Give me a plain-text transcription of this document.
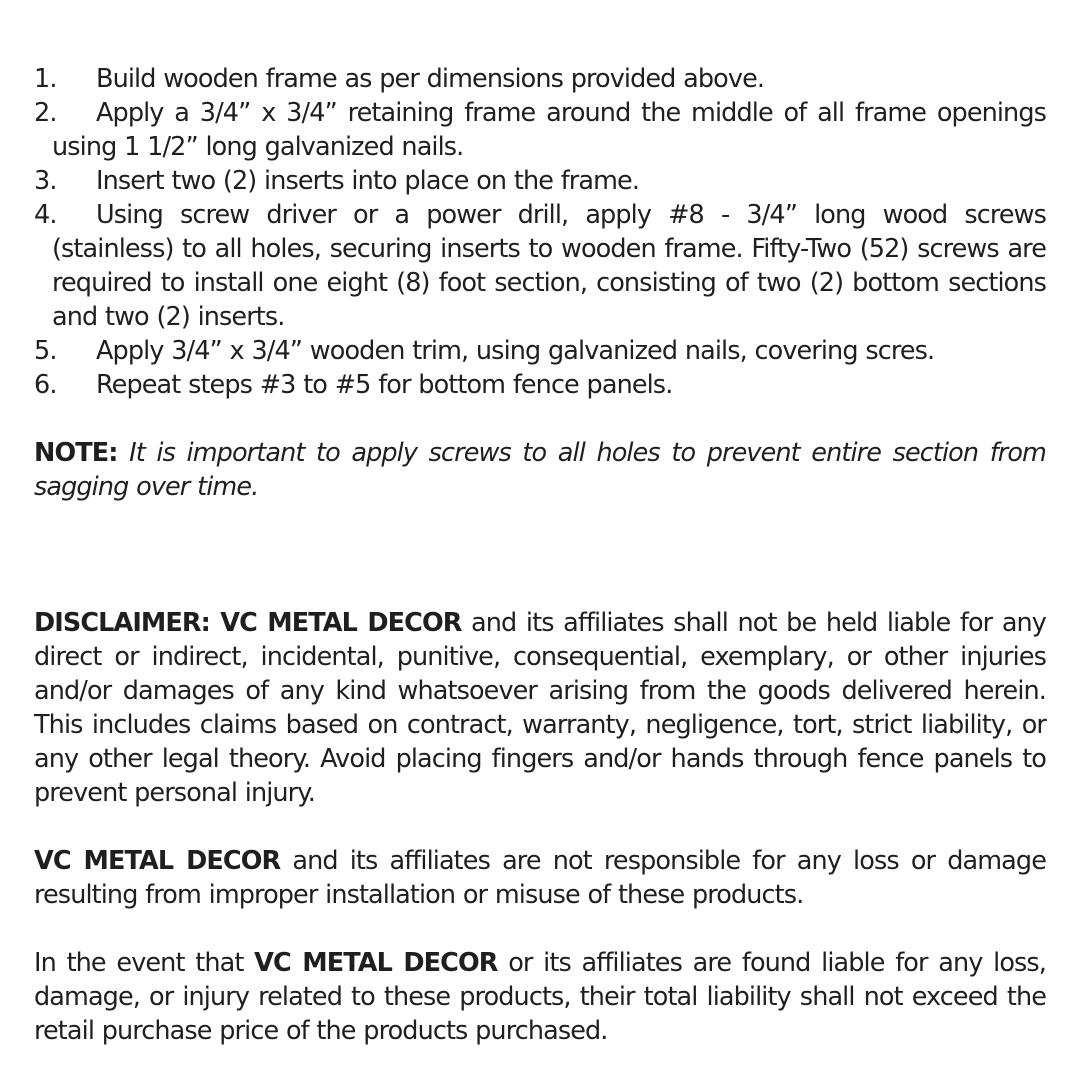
1.	Build wooden frame as per dimensions provided above.
2.	Apply a 3/4” x 3/4” retaining frame around the middle of all frame openings using 1 1/2” long galvanized nails.
3.	Insert two (2) inserts into place on the frame.
4.	Using screw driver or a power drill, apply #8 - 3/4” long wood screws (stainless) to all holes, securing inserts to wooden frame. Fifty-Two (52) screws are required to install one eight (8) foot section, consisting of two (2) bottom sections and two (2) inserts.
5.	Apply 3/4” x 3/4” wooden trim, using galvanized nails, covering scres.
6.	Repeat steps #3 to #5 for bottom fence panels.

NOTE: It is important to apply screws to all holes to prevent entire section from sagging over time.

DISCLAIMER: VC METAL DECOR and its affiliates shall not be held liable for any direct or indirect, incidental, punitive, consequential, exemplary, or other injuries and/or damages of any kind whatsoever arising from the goods delivered herein. This includes claims based on contract, warranty, negligence, tort, strict liability, or any other legal theory. Avoid placing fingers and/or hands through fence panels to prevent personal injury.

VC METAL DECOR and its affiliates are not responsible for any loss or damage resulting from improper installation or misuse of these products.

In the event that VC METAL DECOR or its affiliates are found liable for any loss, damage, or injury related to these products, their total liability shall not exceed the retail purchase price of the products purchased.
